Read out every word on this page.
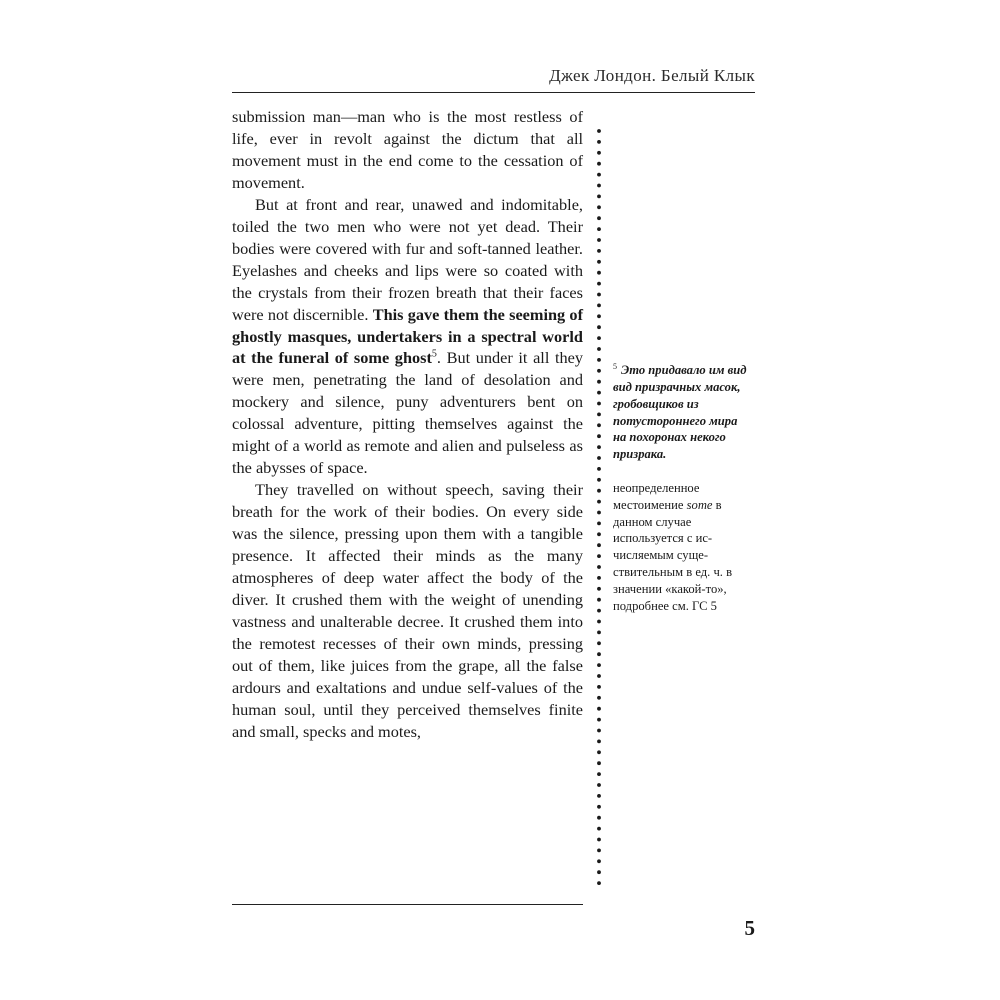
Джек Лондон. Белый Клык

submission man—man who is the most restless of life, ever in revolt against the dictum that all movement must in the end come to the cessation of movement.

But at front and rear, unawed and indomitable, toiled the two men who were not yet dead. Their bodies were covered with fur and soft-tanned leather. Eyelashes and cheeks and lips were so coated with the crystals from their frozen breath that their faces were not discernible. This gave them the seeming of ghostly masques, undertakers in a spectral world at the funeral of some ghost$^5$. But under it all they were men, penetrating the land of desolation and mockery and silence, puny adventurers bent on colossal adventure, pitting themselves against the might of a world as remote and alien and pulseless as the abysses of space.

They travelled on without speech, saving their breath for the work of their bodies. On every side was the silence, pressing upon them with a tangible presence. It affected their minds as the many atmospheres of deep water affect the body of the diver. It crushed them with the weight of unending vastness and unalterable decree. It crushed them into the remotest recesses of their own minds, pressing out of them, like juices from the grape, all the false ardours and exaltations and undue self-values of the human soul, until they perceived themselves finite and small, specks and motes,

$^5$ Это придавало им вид вид призрачных масок, гробовщиков из потустороннего мира на похоронах некого призрака.
неопределенное местоимение some в данном случае используется с исчисляемым существительным в ед. ч. в значении «какой-то», подробнее см. ГС 5
5
